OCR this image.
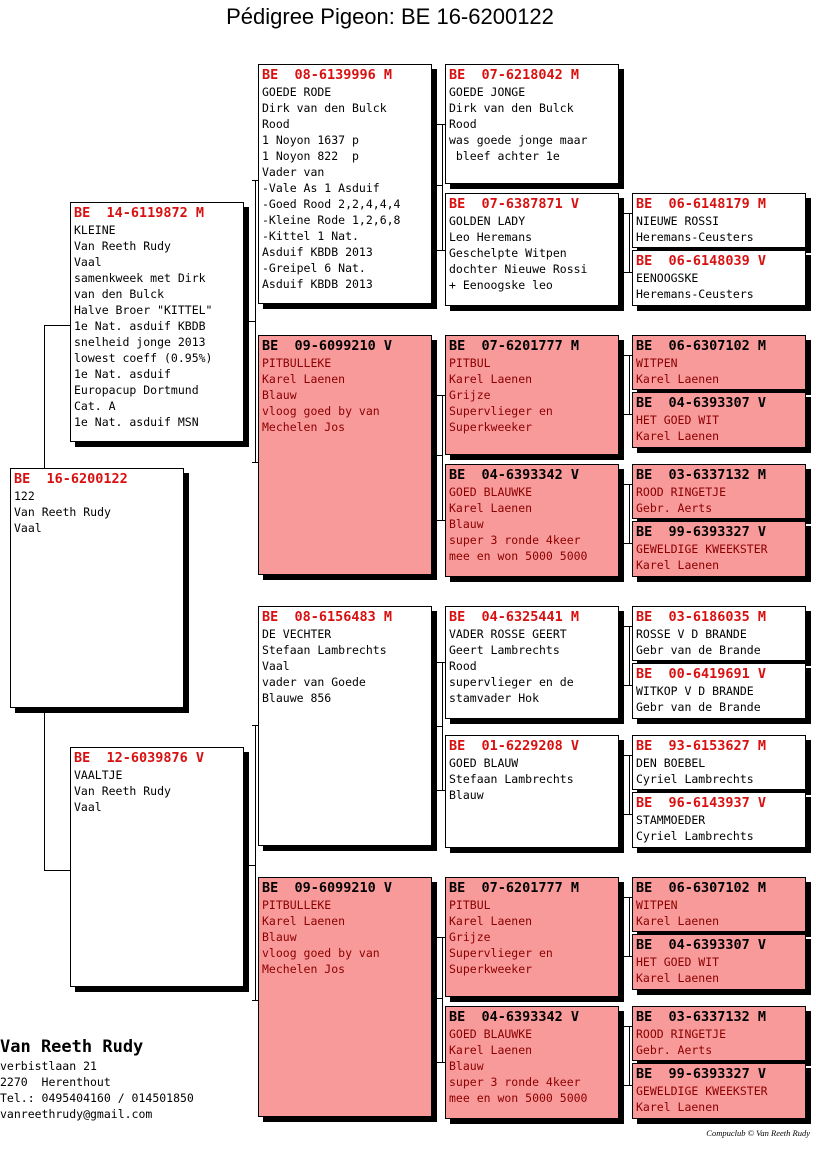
Pédigree Pigeon: BE 16-6200122
BE  16-6200122
122
Van Reeth Rudy
Vaal
BE  14-6119872 M
KLEINE
Van Reeth Rudy
Vaal
samenkweek met Dirk
van den Bulck
Halve Broer "KITTEL"
1e Nat. asduif KBDB
snelheid jonge 2013
lowest coeff (0.95%)
1e Nat. asduif
Europacup Dortmund
Cat. A
1e Nat. asduif MSN
BE  12-6039876 V
VAALTJE
Van Reeth Rudy
Vaal
BE  08-6139996 M
GOEDE RODE
Dirk van den Bulck
Rood
1 Noyon 1637 p
1 Noyon 822  p
Vader van
-Vale As 1 Asduif
-Goed Rood 2,2,4,4,4
-Kleine Rode 1,2,6,8
-Kittel 1 Nat.
Asduif KBDB 2013
-Greipel 6 Nat.
Asduif KBDB 2013
BE  09-6099210 V
PITBULLEKE
Karel Laenen
Blauw
vloog goed by van
Mechelen Jos
BE  08-6156483 M
DE VECHTER
Stefaan Lambrechts
Vaal
vader van Goede
Blauwe 856
BE  09-6099210 V
PITBULLEKE
Karel Laenen
Blauw
vloog goed by van
Mechelen Jos
BE  07-6218042 M
GOEDE JONGE
Dirk van den Bulck
Rood
was goede jonge maar
bleef achter 1e
BE  07-6387871 V
GOLDEN LADY
Leo Heremans
Geschelpte Witpen
dochter Nieuwe Rossi
+ Eenoogske leo
BE  07-6201777 M
PITBUL
Karel Laenen
Grijze
Supervlieger en
Superkweeker
BE  04-6393342 V
GOED BLAUWKE
Karel Laenen
Blauw
super 3 ronde 4keer
mee en won 5000 5000
BE  04-6325441 M
VADER ROSSE GEERT
Geert Lambrechts
Rood
supervlieger en de
stamvader Hok
BE  01-6229208 V
GOED BLAUW
Stefaan Lambrechts
Blauw
BE  07-6201777 M
PITBUL
Karel Laenen
Grijze
Supervlieger en
Superkweeker
BE  04-6393342 V
GOED BLAUWKE
Karel Laenen
Blauw
super 3 ronde 4keer
mee en won 5000 5000
BE  06-6148179 M
NIEUWE ROSSI
Heremans-Ceusters
BE  06-6148039 V
EENOOGSKE
Heremans-Ceusters
BE  06-6307102 M
WITPEN
Karel Laenen
BE  04-6393307 V
HET GOED WIT
Karel Laenen
BE  03-6337132 M
ROOD RINGETJE
Gebr. Aerts
BE  99-6393327 V
GEWELDIGE KWEEKSTER
Karel Laenen
BE  03-6186035 M
ROSSE V D BRANDE
Gebr van de Brande
BE  00-6419691 V
WITKOP V D BRANDE
Gebr van de Brande
BE  93-6153627 M
DEN BOEBEL
Cyriel Lambrechts
BE  96-6143937 V
STAMMOEDER
Cyriel Lambrechts
BE  06-6307102 M
WITPEN
Karel Laenen
BE  04-6393307 V
HET GOED WIT
Karel Laenen
BE  03-6337132 M
ROOD RINGETJE
Gebr. Aerts
BE  99-6393327 V
GEWELDIGE KWEEKSTER
Karel Laenen
Van Reeth Rudy
verbistlaan 21
2270  Herenthout
Tel.: 0495404160 / 014501850
vanreethrudy@gmail.com
Compuclub © Van Reeth Rudy
